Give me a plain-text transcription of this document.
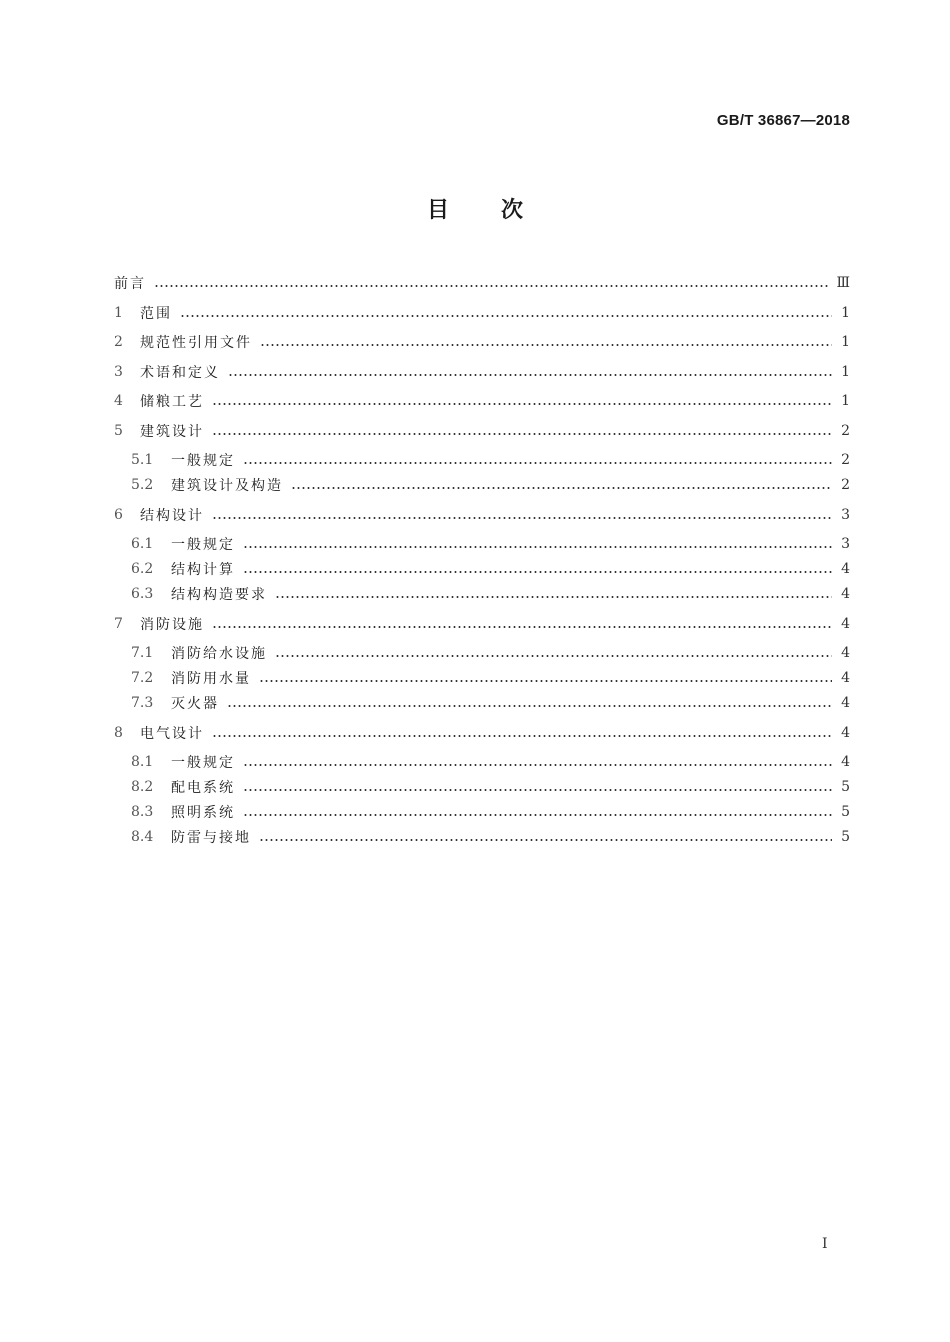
GB/T 36867—2018
目次
前言	Ⅲ
1	范围	1
2	规范性引用文件	1
3	术语和定义	1
4	储粮工艺	1
5	建筑设计	2
5.1	一般规定	2
5.2	建筑设计及构造	2
6	结构设计	3
6.1	一般规定	3
6.2	结构计算	4
6.3	结构构造要求	4
7	消防设施	4
7.1	消防给水设施	4
7.2	消防用水量	4
7.3	灭火器	4
8	电气设计	4
8.1	一般规定	4
8.2	配电系统	5
8.3	照明系统	5
8.4	防雷与接地	5
I
